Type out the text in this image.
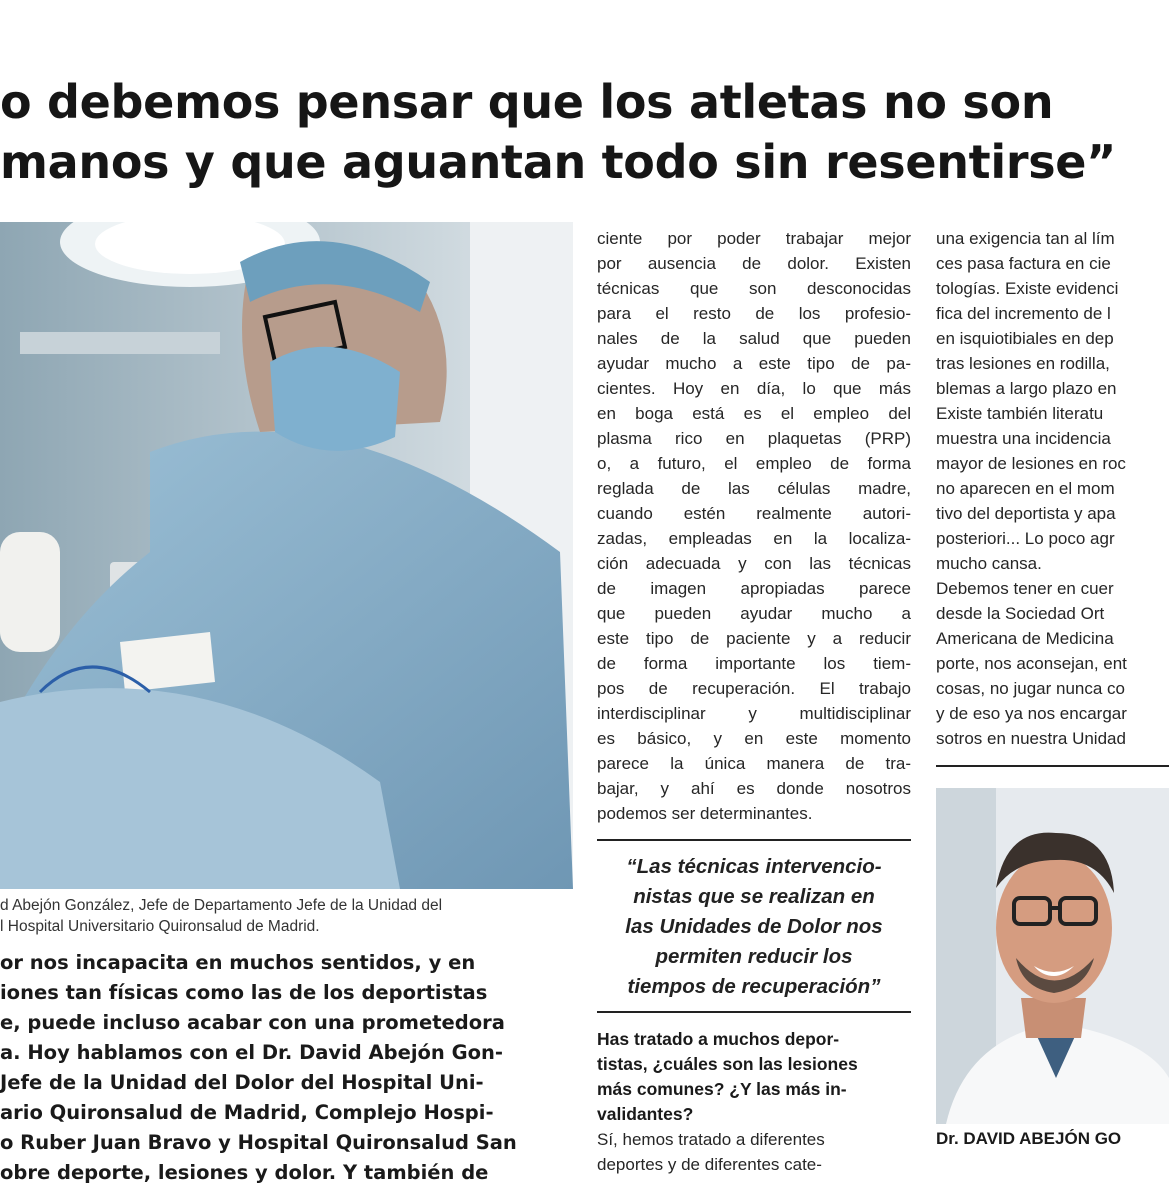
o debemos pensar que los atletas no son
manos y que aguantan todo sin resentirse”
d Abejón González, Jefe de Departamento Jefe de la Unidad del
l Hospital Universitario Quironsalud de Madrid.
or nos incapacita en muchos sentidos, y en
iones tan físicas como las de los deportistas
e, puede incluso acabar con una prometedora
a. Hoy hablamos con el Dr. David Abejón Gon-
Jefe de la Unidad del Dolor del Hospital Uni-
ario Quironsalud de Madrid, Complejo Hospi-
o Ruber Juan Bravo y Hospital Quironsalud San
obre deporte, lesiones y dolor. Y también de
ciente por poder trabajar mejor
por ausencia de dolor. Existen
técnicas que son desconocidas
para el resto de los profesio-
nales de la salud que pueden
ayudar mucho a este tipo de pa-
cientes. Hoy en día, lo que más
en boga está es el empleo del
plasma rico en plaquetas (PRP)
o, a futuro, el empleo de forma
reglada de las células madre,
cuando estén realmente autori-
zadas, empleadas en la localiza-
ción adecuada y con las técnicas
de imagen apropiadas parece
que pueden ayudar mucho a
este tipo de paciente y a reducir
de forma importante los tiem-
pos de recuperación. El trabajo
interdisciplinar y multidisciplinar
es básico, y en este momento
parece la única manera de tra-
bajar, y ahí es donde nosotros
podemos ser determinantes.
“Las técnicas intervencio-
nistas que se realizan en
las Unidades de Dolor nos
permiten reducir los
tiempos de recuperación”
Has tratado a muchos depor-
tistas, ¿cuáles son las lesiones
más comunes? ¿Y las más in-
validantes?
Sí, hemos tratado a diferentes
deportes y de diferentes cate-
una exigencia tan al lím
ces pasa factura en cie
tologías. Existe evidenci
fica del incremento de l
en isquiotibiales en dep
tras lesiones en rodilla,
blemas a largo plazo en
Existe también literatu
muestra una incidencia
mayor de lesiones en roc
no aparecen en el mom
tivo del deportista y apa
posteriori... Lo poco agr
mucho cansa.
Debemos tener en cuer
desde la Sociedad Ort
Americana de Medicina
porte, nos aconsejan, ent
cosas, no jugar nunca co
y de eso ya nos encargar
sotros en nuestra Unidad
Dr. DAVID ABEJÓN GO
